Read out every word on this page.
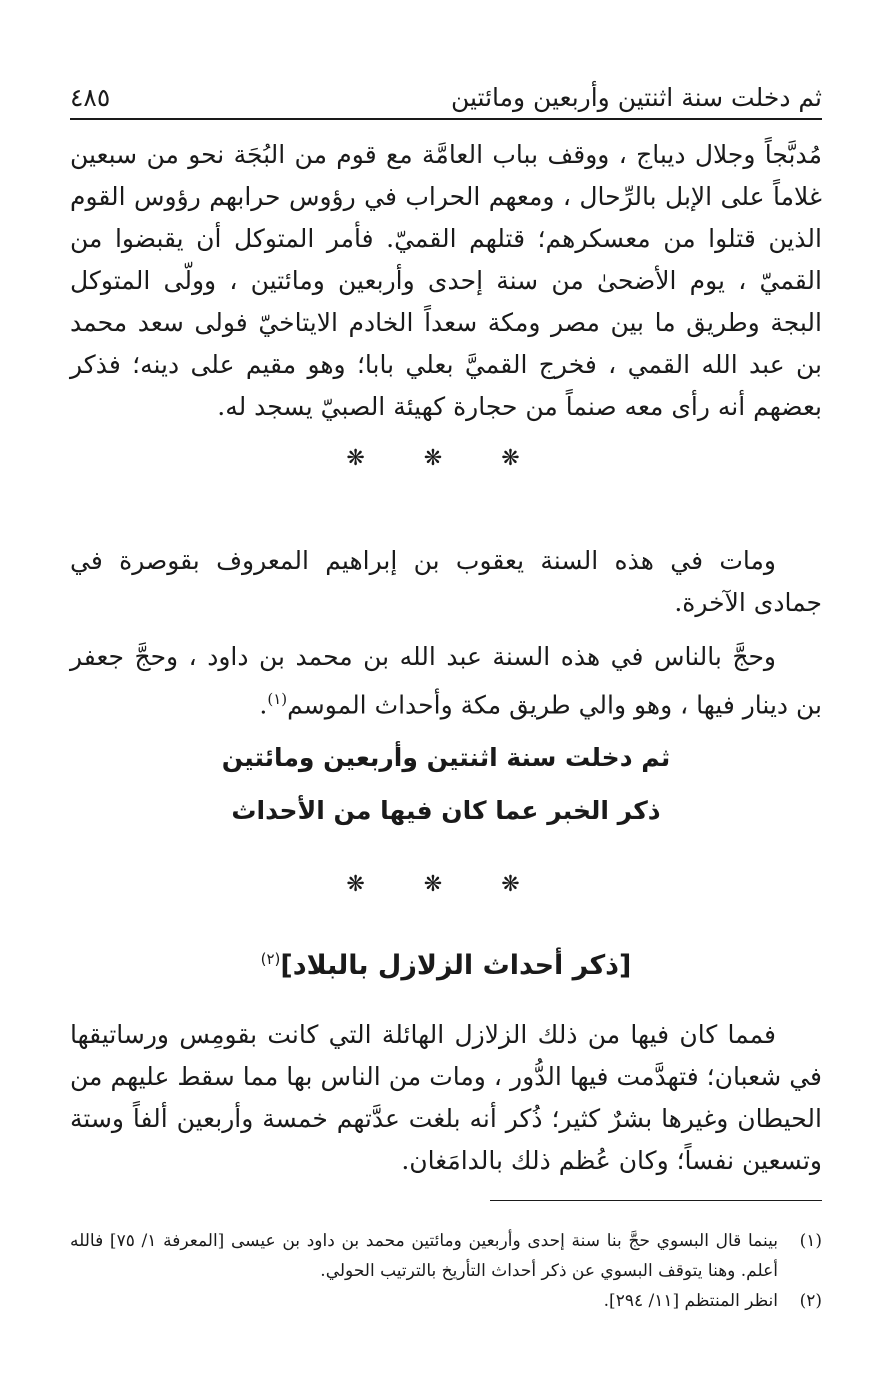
ثم دخلت سنة اثنتين وأربعين ومائتين
٤٨٥

مُدبَّجاً وجلال ديباج ، ووقف بباب العامَّة مع قوم من البُجَة نحو من سبعين غلاماً على الإبل بالرِّحال ، ومعهم الحراب في رؤوس حرابهم رؤوس القوم الذين قتلوا من معسكرهم؛ قتلهم القميّ. فأمر المتوكل أن يقبضوا من القميّ ، يوم الأضحىٰ من سنة إحدى وأربعين ومائتين ، وولّى المتوكل البجة وطريق ما بين مصر ومكة سعداً الخادم الايتاخيّ فولى سعد محمد بن عبد الله القمي ، فخرج القميَّ بعلي بابا؛ وهو مقيم على دينه؛ فذكر بعضهم أنه رأى معه صنماً من حجارة كهيئة الصبيّ يسجد له.

❋ ❋ ❋

ومات في هذه السنة يعقوب بن إبراهيم المعروف بقوصرة في جمادى الآخرة.

وحجَّ بالناس في هذه السنة عبد الله بن محمد بن داود ، وحجَّ جعفر بن دينار فيها ، وهو والي طريق مكة وأحداث الموسم$^{(١)}$.

ثم دخلت سنة اثنتين وأربعين ومائتين
ذكر الخبر عما كان فيها من الأحداث
❋ ❋ ❋
[ذكر أحداث الزلازل بالبلاد]$^{(٢)}$

فمما كان فيها من ذلك الزلازل الهائلة التي كانت بقومِس ورساتيقها في شعبان؛ فتهدَّمت فيها الدُّور ، ومات من الناس بها مما سقط عليهم من الحيطان وغيرها بشرٌ كثير؛ ذُكر أنه بلغت عدَّتهم خمسة وأربعين ألفاً وستة وتسعين نفساً؛ وكان عُظم ذلك بالدامَغان.

(١)
بينما قال البسوي حجَّ بنا سنة إحدى وأربعين ومائتين محمد بن داود بن عيسى [المعرفة ١/ ٧٥] فالله أعلم. وهنا يتوقف البسوي عن ذكر أحداث التأريخ بالترتيب الحولي.

(٢)
انظر المنتظم [١١/ ٢٩٤].
